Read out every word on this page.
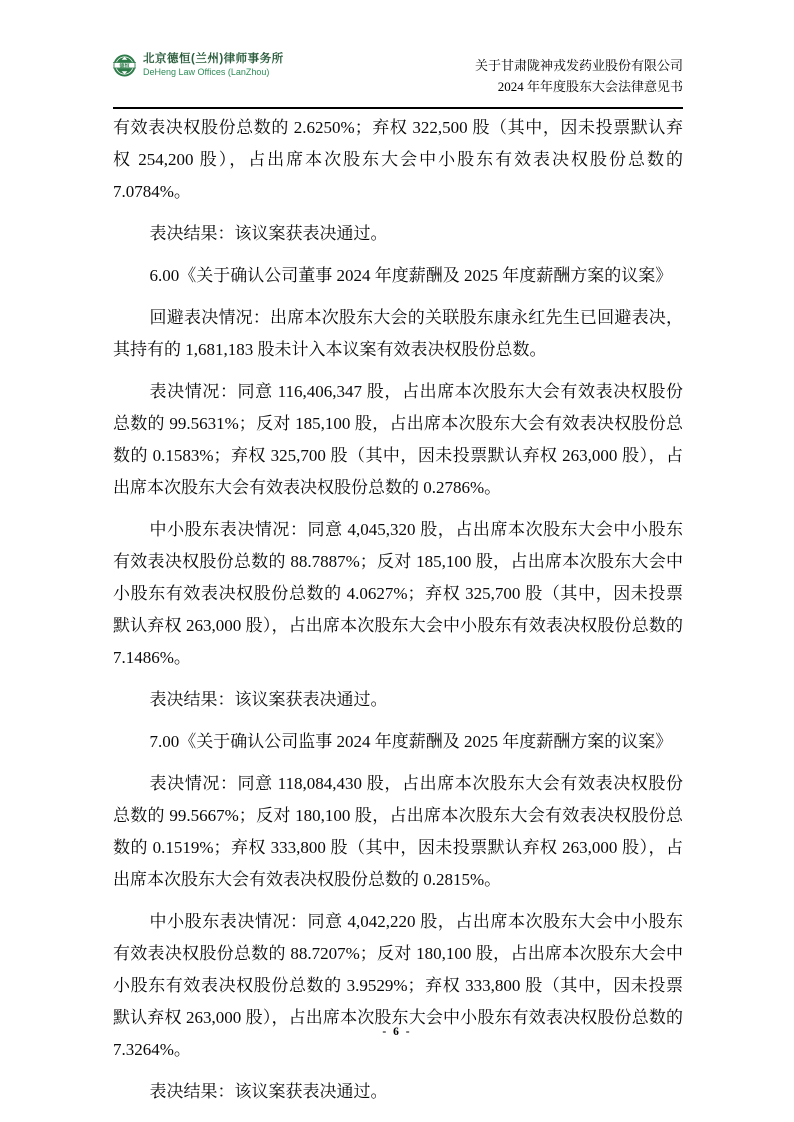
德恒
北京德恒(兰州)律师事务所
DeHeng Law Offices (LanZhou)	关于甘肃陇神戎发药业股份有限公司
2024 年年度股东大会法律意见书

有效表决权股份总数的 2.6250%；弃权 322,500 股（其中，因未投票默认弃权 254,200 股），占出席本次股东大会中小股东有效表决权股份总数的 7.0784%。

表决结果：该议案获表决通过。

6.00《关于确认公司董事 2024 年度薪酬及 2025 年度薪酬方案的议案》

回避表决情况：出席本次股东大会的关联股东康永红先生已回避表决，其持有的 1,681,183 股未计入本议案有效表决权股份总数。

表决情况：同意 116,406,347 股，占出席本次股东大会有效表决权股份总数的 99.5631%；反对 185,100 股，占出席本次股东大会有效表决权股份总数的 0.1583%；弃权 325,700 股（其中，因未投票默认弃权 263,000 股），占出席本次股东大会有效表决权股份总数的 0.2786%。

中小股东表决情况：同意 4,045,320 股，占出席本次股东大会中小股东有效表决权股份总数的 88.7887%；反对 185,100 股，占出席本次股东大会中小股东有效表决权股份总数的 4.0627%；弃权 325,700 股（其中，因未投票默认弃权 263,000 股），占出席本次股东大会中小股东有效表决权股份总数的 7.1486%。

表决结果：该议案获表决通过。

7.00《关于确认公司监事 2024 年度薪酬及 2025 年度薪酬方案的议案》

表决情况：同意 118,084,430 股，占出席本次股东大会有效表决权股份总数的 99.5667%；反对 180,100 股，占出席本次股东大会有效表决权股份总数的 0.1519%；弃权 333,800 股（其中，因未投票默认弃权 263,000 股），占出席本次股东大会有效表决权股份总数的 0.2815%。

中小股东表决情况：同意 4,042,220 股，占出席本次股东大会中小股东有效表决权股份总数的 88.7207%；反对 180,100 股，占出席本次股东大会中小股东有效表决权股份总数的 3.9529%；弃权 333,800 股（其中，因未投票默认弃权 263,000 股），占出席本次股东大会中小股东有效表决权股份总数的 7.3264%。

表决结果：该议案获表决通过。

- 6 -
